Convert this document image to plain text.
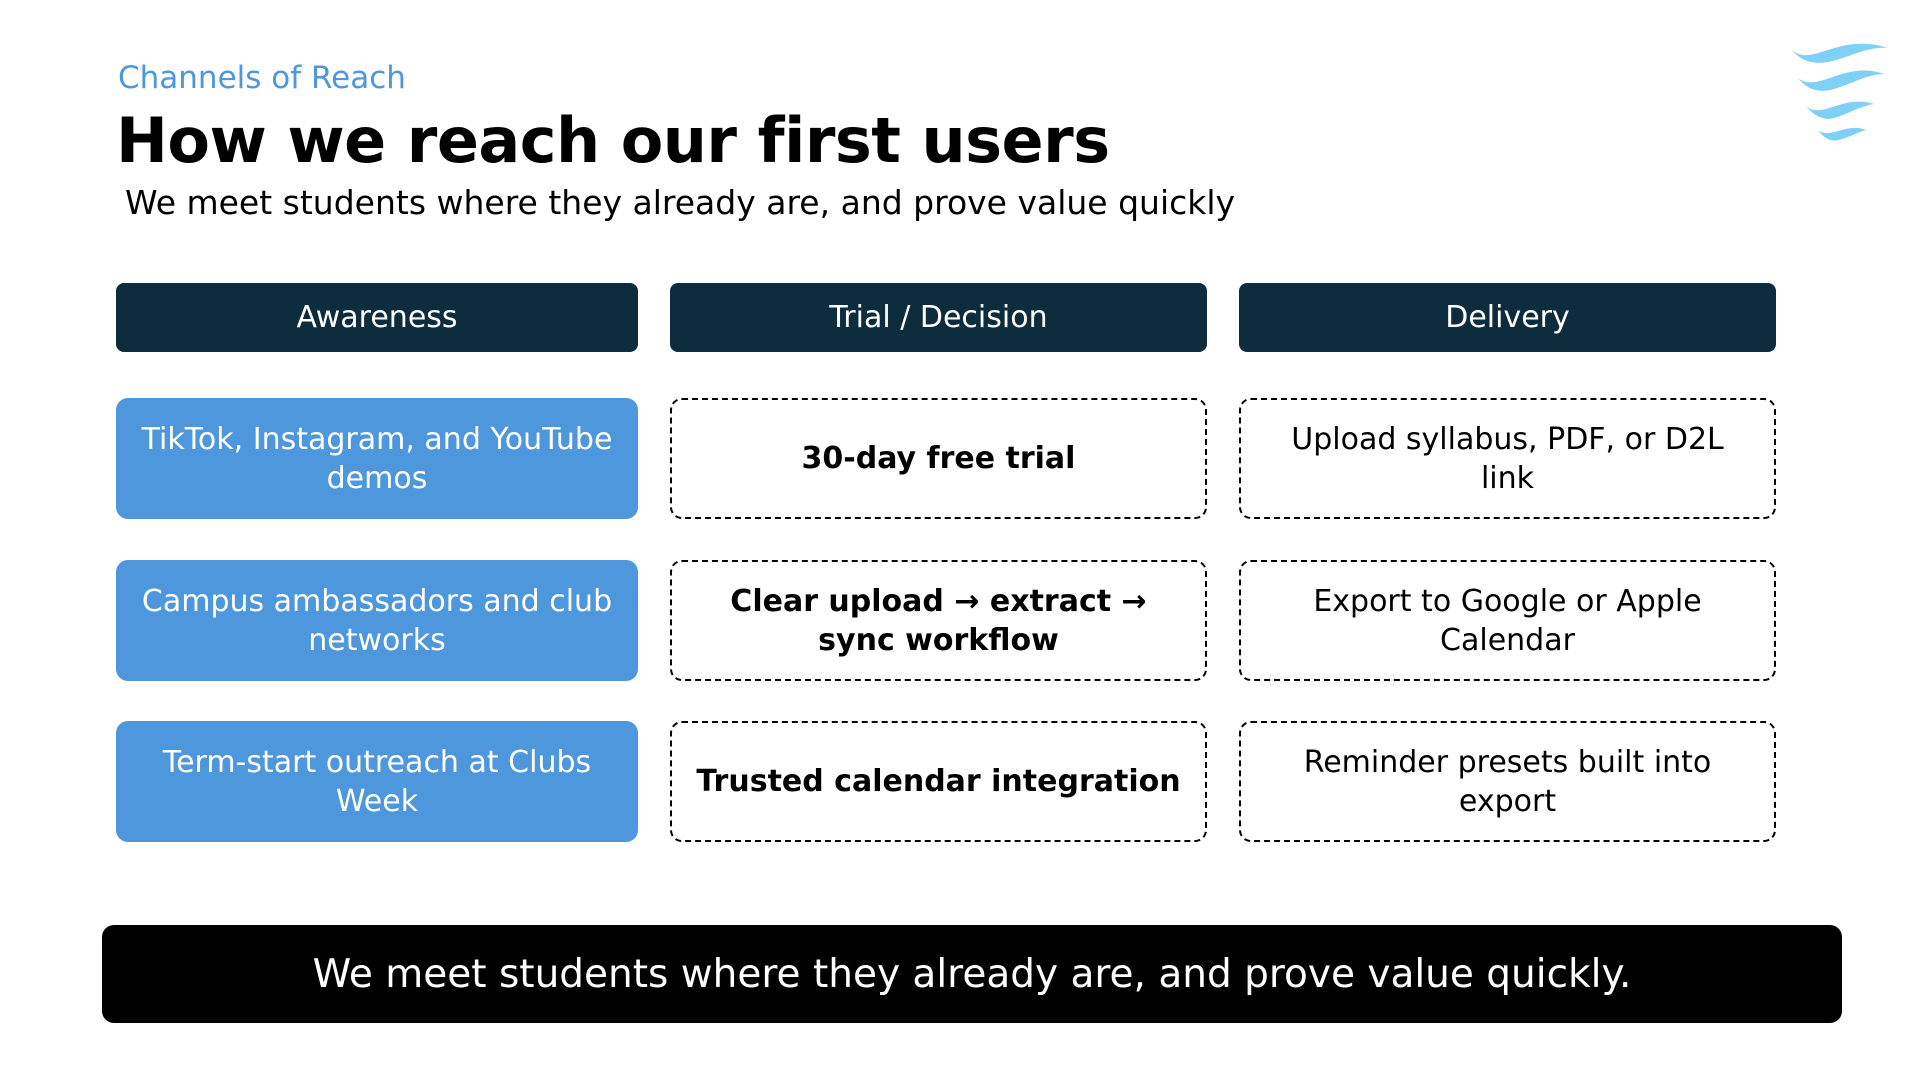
Channels of Reach
How we reach our first users
We meet students where they already are, and prove value quickly
Awareness	Trial / Decision	Delivery
TikTok, Instagram, and YouTube demos
Campus ambassadors and club networks
Term-start outreach at Clubs Week
30-day free trial
Clear upload → extract → sync workflow
Trusted calendar integration
Upload syllabus, PDF, or D2L link
Export to Google or Apple Calendar
Reminder presets built into export
We meet students where they already are, and prove value quickly.
